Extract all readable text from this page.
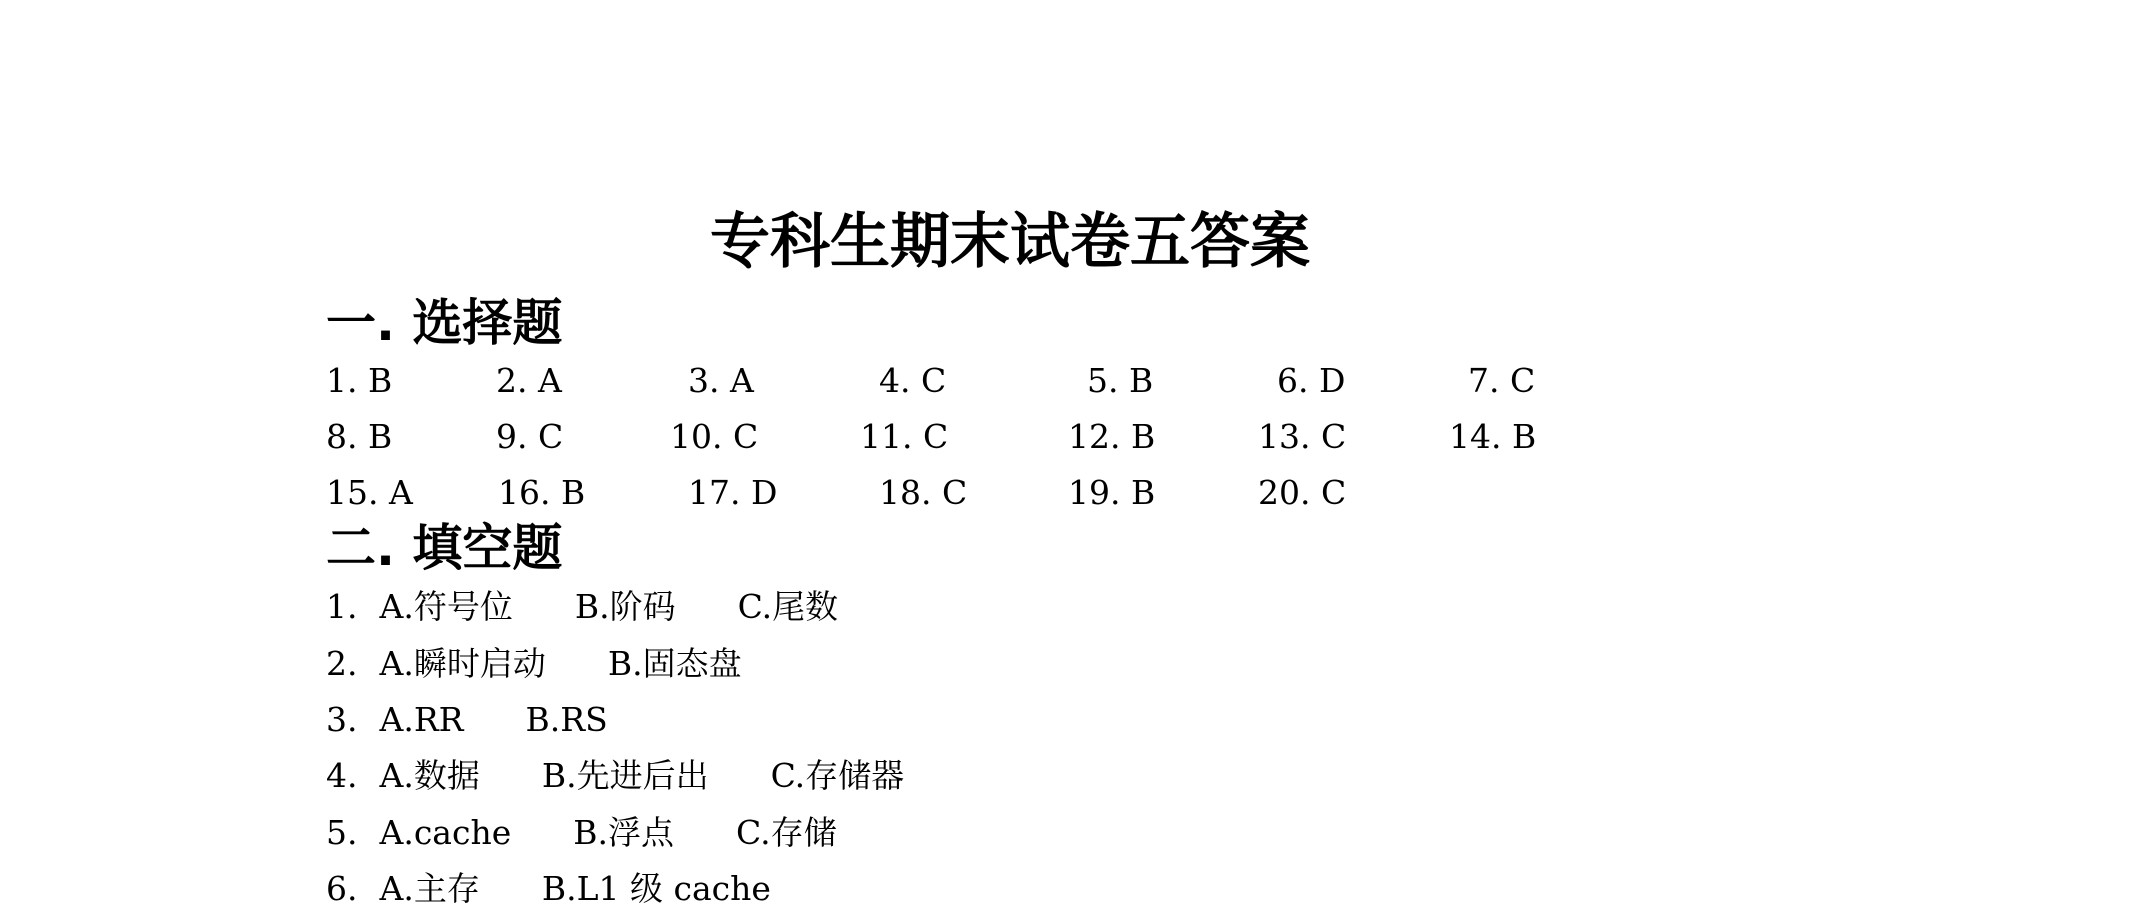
专科生期末试卷五答案
一. 选择题
1. B	2. A	3. A	4. C	5. B	6. D	7. C
8. B	9. C	10. C	11. C	12. B	13. C	14. B
15. A	16. B	17. D	18. C	19. B	20. C
二. 填空题
1. A.符号位 B.阶码 C.尾数
2. A.瞬时启动 B.固态盘
3. A.RR B.RS
4. A.数据 B.先进后出 C.存储器
5. A.cache B.浮点 C.存储
6. A.主存 B.L1 级 cache
